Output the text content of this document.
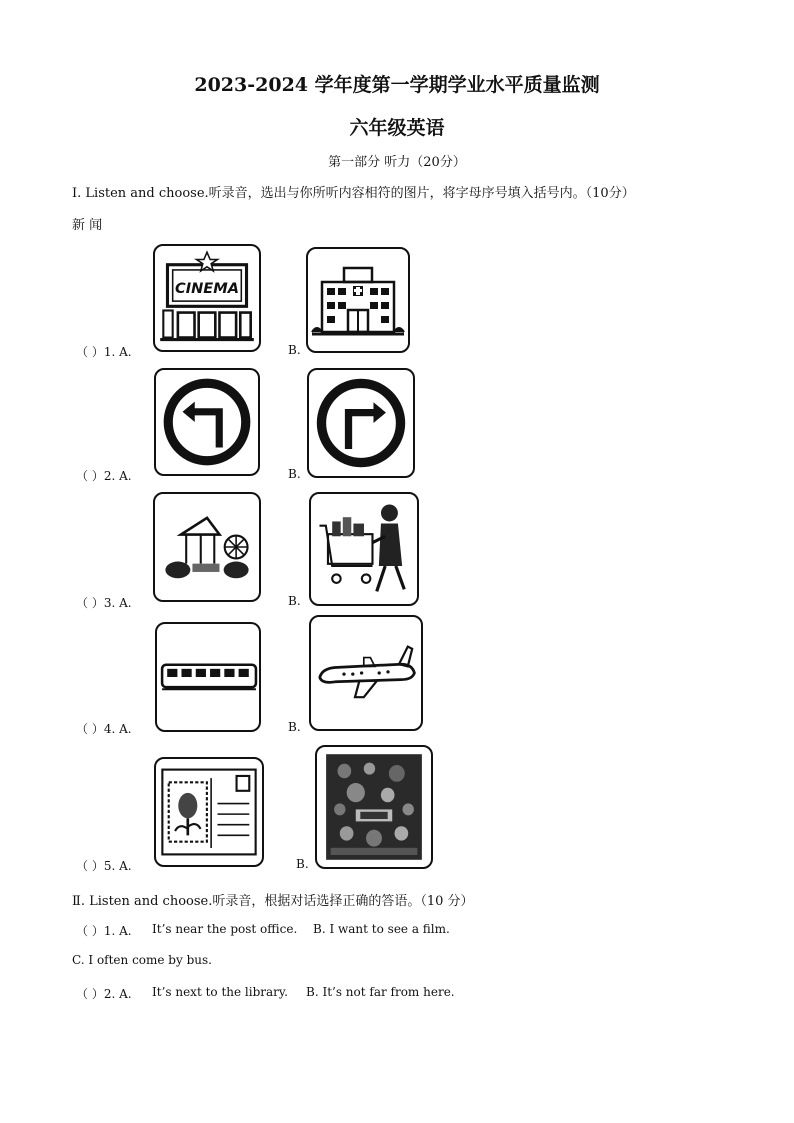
2023-2024 学年度第一学期学业水平质量监测
六年级英语
第一部分 听力（20分）
Ⅰ. Listen and choose.听录音，选出与你所听内容相符的图片，将字母序号填入括号内。（10分）
新 闻
CINEMA
（ ）1. A.	B.
（ ）2. A.	B.
（ ）3. A.	B.
（ ）4. A.	B.
（ ）5. A.	B.
Ⅱ. Listen and choose.听录音，根据对话选择正确的答语。（10 分）
（ ）1. A. It’s near the post office. B. I want to see a film.
C. I often come by bus.
（ ）2. A. It’s next to the library. B. It’s not far from here.
